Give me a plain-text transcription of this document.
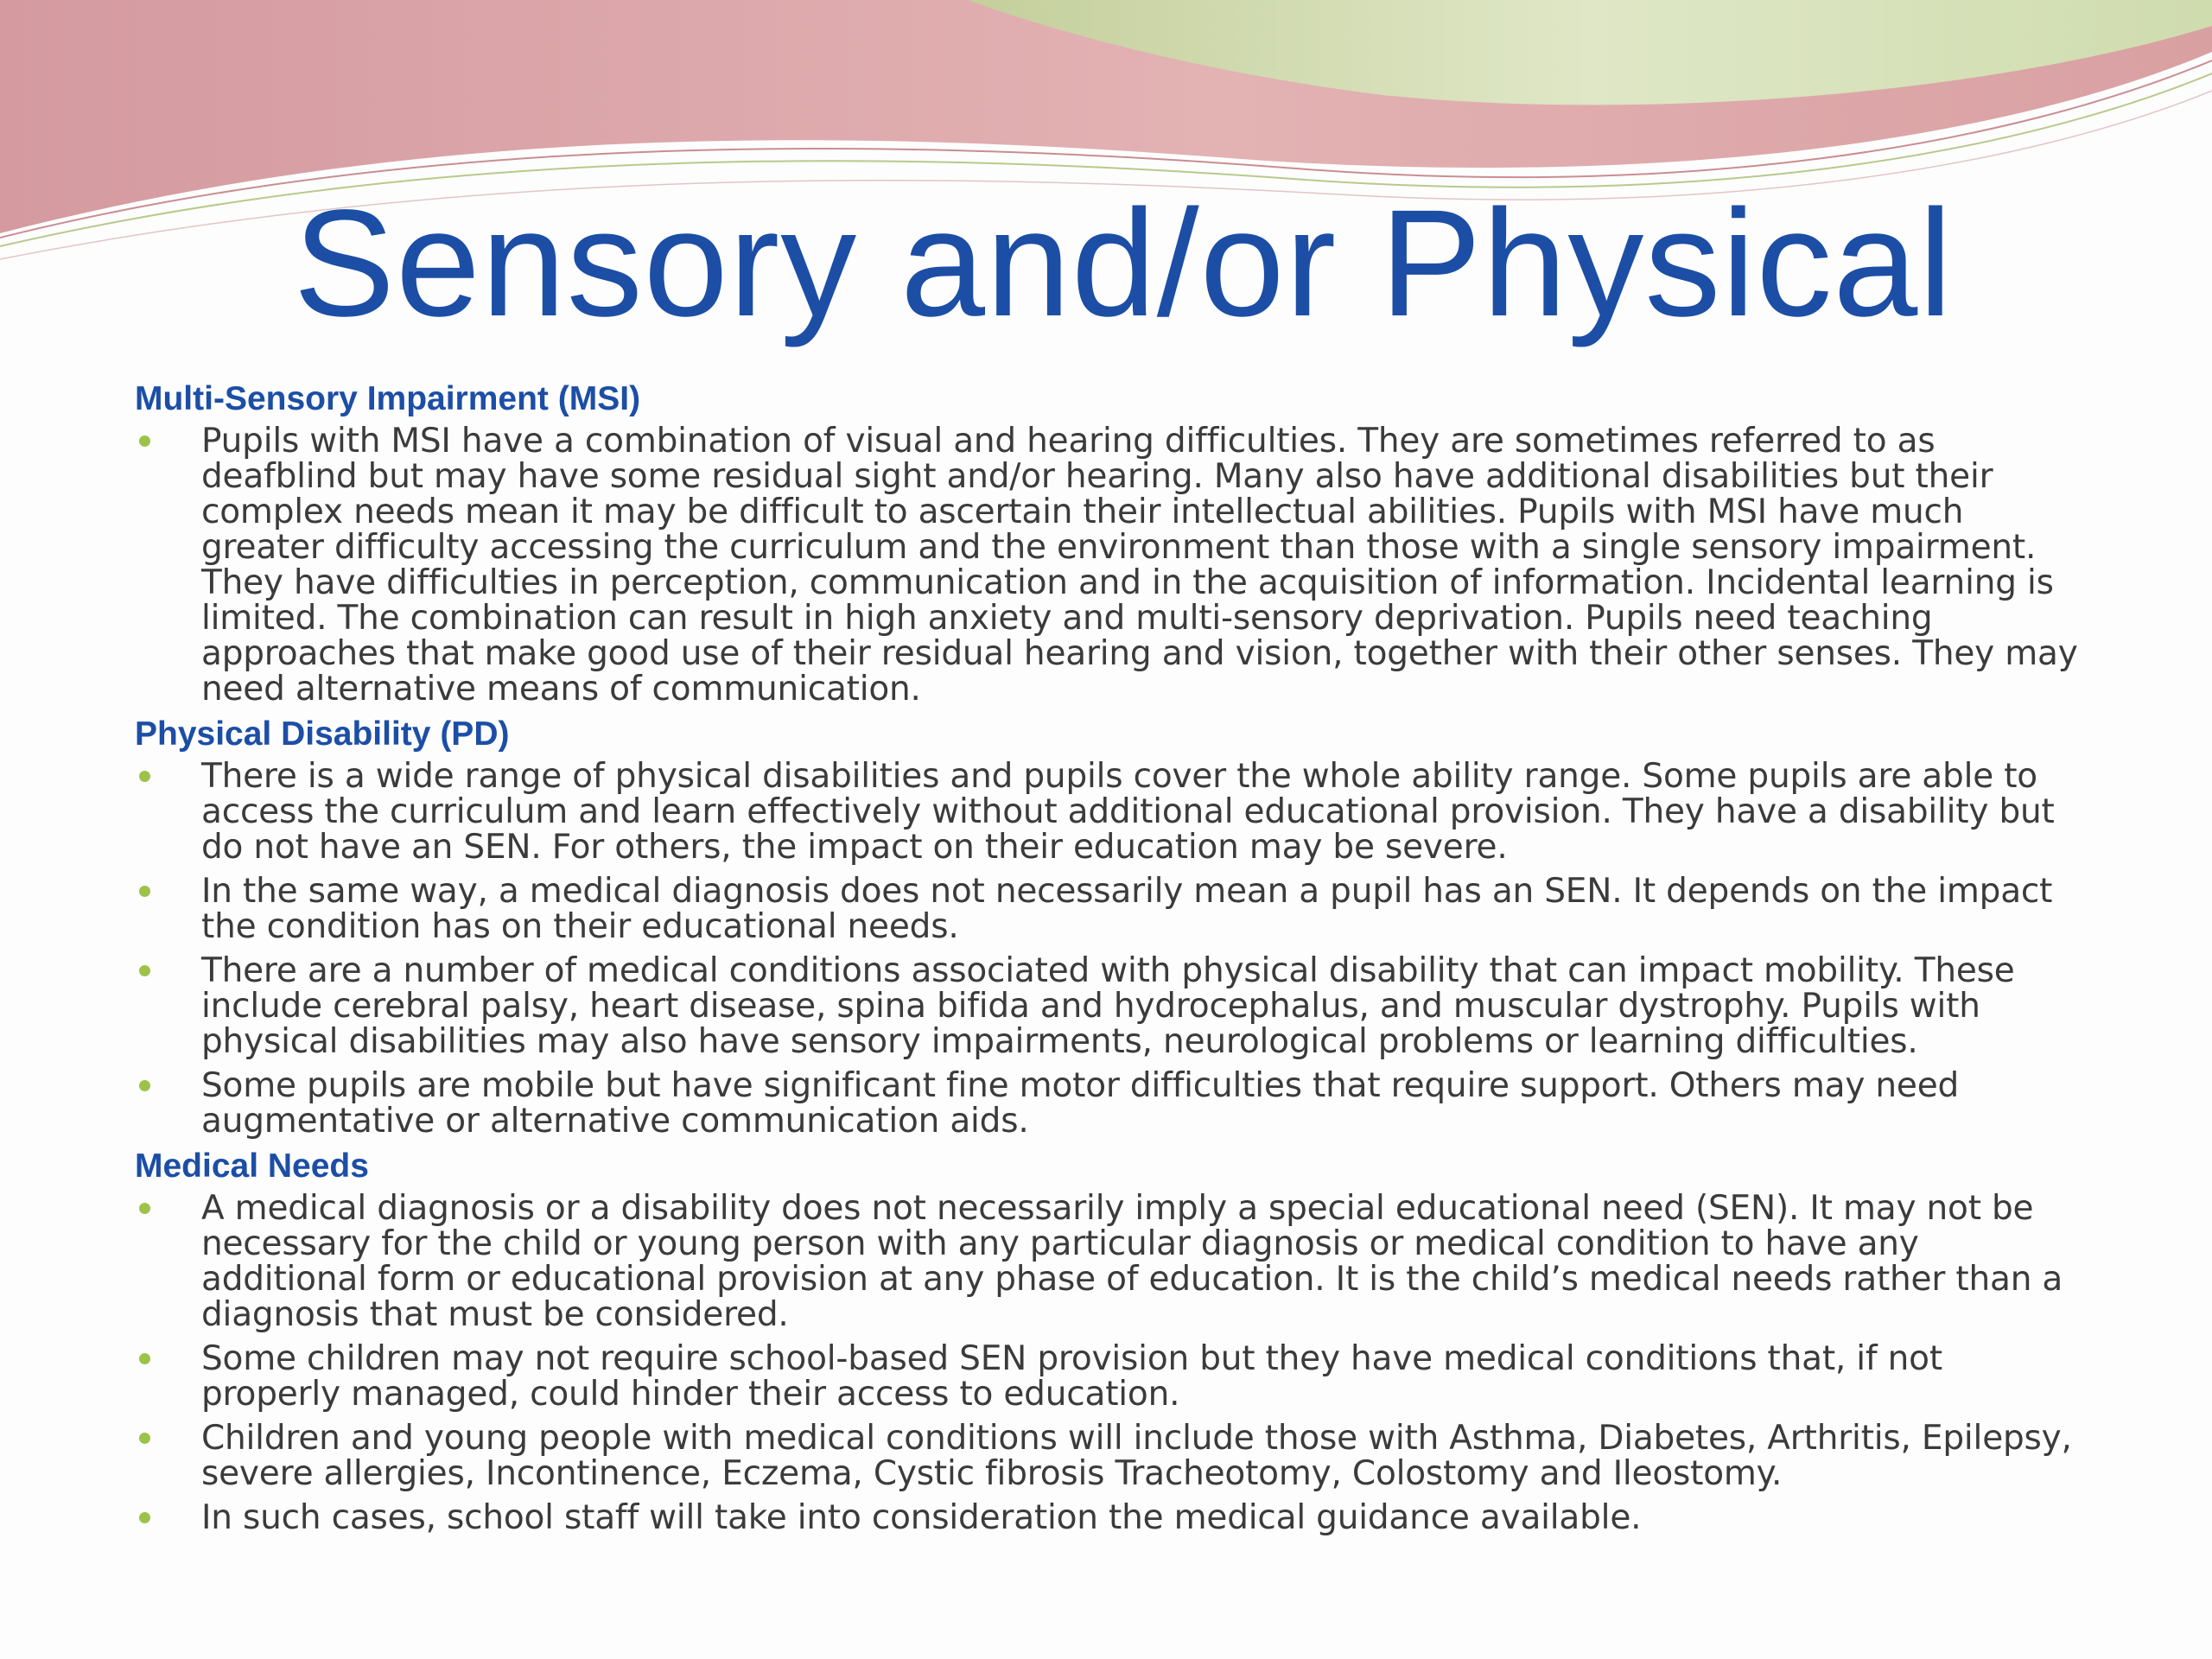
Sensory and/or Physical
Multi-Sensory Impairment (MSI)
Pupils with MSI have a combination of visual and hearing difficulties. They are sometimes referred to as deafblind but may have some residual sight and/or hearing. Many also have additional disabilities but their complex needs mean it may be difficult to ascertain their intellectual abilities. Pupils with MSI have much greater difficulty accessing the curriculum and the environment than those with a single sensory impairment. They have difficulties in perception, communication and in the acquisition of information. Incidental learning is limited. The combination can result in high anxiety and multi-sensory deprivation. Pupils need teaching approaches that make good use of their residual hearing and vision, together with their other senses. They may need alternative means of communication.
Physical Disability (PD)
There is a wide range of physical disabilities and pupils cover the whole ability range. Some pupils are able to access the curriculum and learn effectively without additional educational provision. They have a disability but do not have an SEN. For others, the impact on their education may be severe.
In the same way, a medical diagnosis does not necessarily mean a pupil has an SEN. It depends on the impact the condition has on their educational needs.
There are a number of medical conditions associated with physical disability that can impact mobility. These include cerebral palsy, heart disease, spina bifida and hydrocephalus, and muscular dystrophy. Pupils with physical disabilities may also have sensory impairments, neurological problems or learning difficulties.
Some pupils are mobile but have significant fine motor difficulties that require support. Others may need augmentative or alternative communication aids.
Medical Needs
A medical diagnosis or a disability does not necessarily imply a special educational need (SEN). It may not be necessary for the child or young person with any particular diagnosis or medical condition to have any additional form or educational provision at any phase of education. It is the child’s medical needs rather than a diagnosis that must be considered.
Some children may not require school-based SEN provision but they have medical conditions that, if not properly managed, could hinder their access to education.
Children and young people with medical conditions will include those with Asthma, Diabetes, Arthritis, Epilepsy, severe allergies, Incontinence, Eczema, Cystic fibrosis Tracheotomy, Colostomy and Ileostomy.
In such cases, school staff will take into consideration the medical guidance available.
